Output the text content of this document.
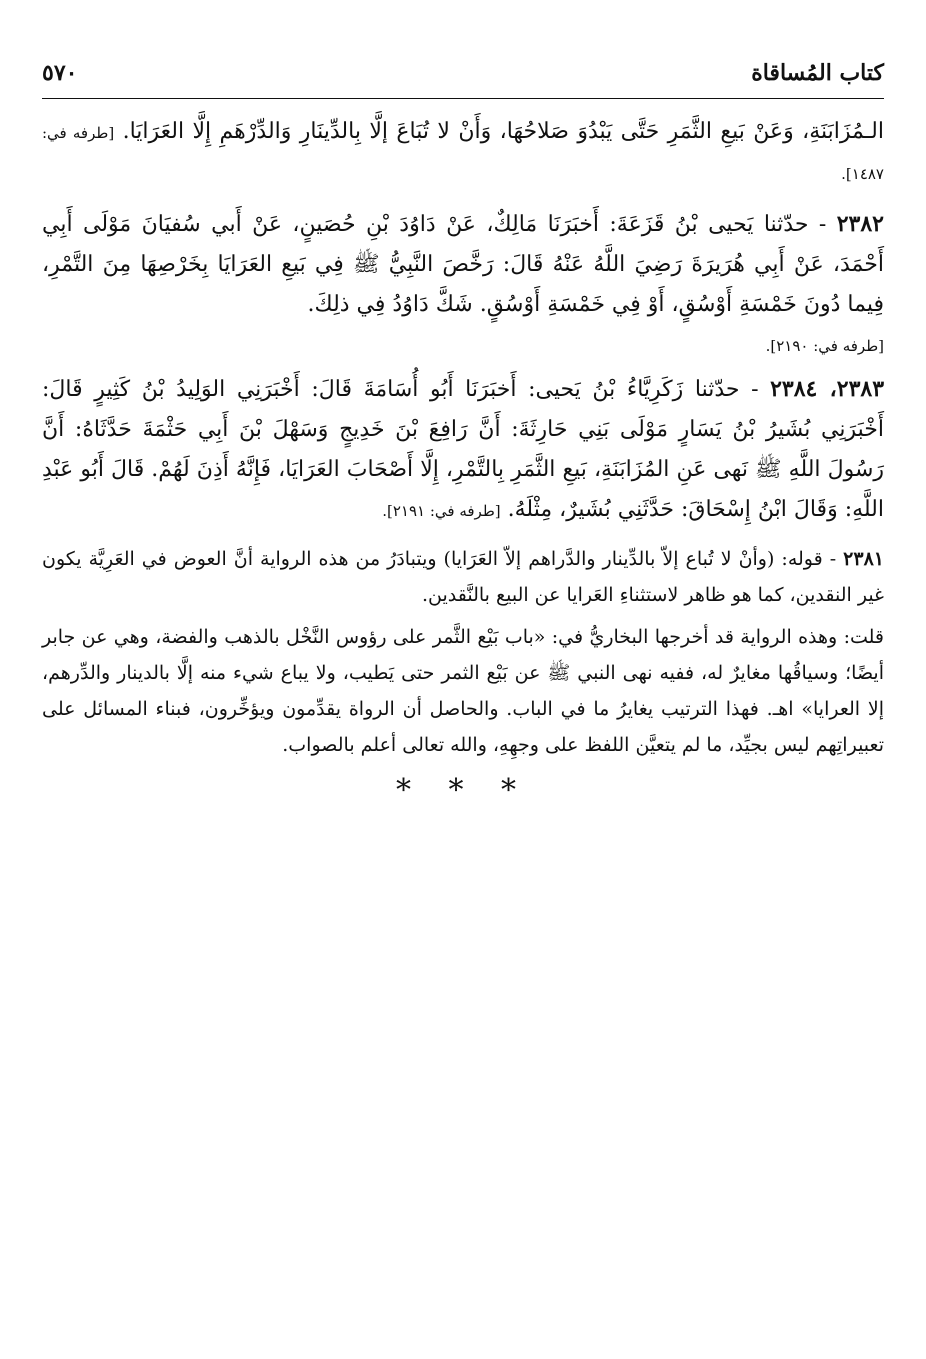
كتاب المُساقاة
٥٧٠

الـمُزَابَنَةِ، وَعَنْ بَيعِ الثَّمَرِ حَتَّى يَبْدُوَ صَلاحُهَا، وَأَنْ لا تُبَاعَ إلَّا بِالدِّينَارِ وَالدِّرْهَمِ إِلَّا العَرَايَا. [طرفه في: ١٤٨٧].

٢٣٨٢ - حدّثنا يَحيى بْنُ قَزَعَةَ: أَخبَرَنَا مَالِكٌ، عَنْ دَاوُدَ بْنِ حُصَينٍ، عَنْ أَبي سُفيَانَ مَوْلَى أَبِي أَحْمَدَ، عَنْ أَبِي هُرَيرَةَ رَضِيَ اللَّهُ عَنْهُ قَالَ: رَخَّصَ النَّبِيُّ ﷺ فِي بَيعِ العَرَايَا بِخَرْصِهَا مِنَ التَّمْرِ، فِيما دُونَ خَمْسَةِ أَوْسُقٍ، أَوْ فِي خَمْسَةِ أَوْسُقٍ. شَكَّ دَاوُدُ فِي ذلِكَ.

[طرفه في: ٢١٩٠].

٢٣٨٣، ٢٣٨٤ - حدّثنا زَكَرِيَّاءُ بْنُ يَحيى: أَخبَرَنَا أَبُو أُسَامَةَ قَالَ: أَخْبَرَنِي الوَلِيدُ بْنُ كَثِيرٍ قَالَ: أَخْبَرَنِي بُشَيرُ بْنُ يَسَارٍ مَوْلَى بَنِي حَارِثَةَ: أَنَّ رَافِعَ بْنَ خَدِيجٍ وَسَهْلَ بْنَ أَبِي حَثْمَةَ حَدَّثَاهُ: أَنَّ رَسُولَ اللَّهِ ﷺ نَهى عَنِ المُزَابَنَةِ، بَيعِ الثَّمَرِ بِالتَّمْرِ، إِلَّا أَصْحَابَ العَرَايَا، فَإِنَّهُ أَذِنَ لَهُمْ. قَالَ أَبُو عَبْدِ اللَّهِ: وَقَالَ ابْنُ إِسْحَاقَ: حَدَّثَنِي بُشَيرٌ، مِثْلَهُ. [طرفه في: ٢١٩١].

٢٣٨١ - قوله: (وأنْ لا تُباع إلاّ بالدِّينار والدَّراهم إلاّ العَرَايا) ويتبادَرُ من هذه الرواية أنَّ العوض في العَرِيَّة يكون غير النقدين، كما هو ظاهر لاستثناءِ العَرايا عن البيع بالنَّقدين.

قلت: وهذه الرواية قد أخرجها البخاريُّ في: «باب بَيْع الثَّمر على رؤوس النَّخْل بالذهب والفضة، وهي عن جابر أيضًا؛ وسياقُها مغايرٌ له، ففيه نهى النبي ﷺ عن بَيْع الثمر حتى يَطيب، ولا يباع شيء منه إلَّا بالدينار والدِّرهم، إلا العرايا» اهـ. فهذا الترتيب يغايرُ ما في الباب. والحاصل أن الرواة يقدِّمون ويؤخِّرون، فبناء المسائل على تعبيراتِهم ليس بجيِّد، ما لم يتعيَّن اللفظ على وجهِهِ، والله تعالى أعلم بالصواب.

* * *
